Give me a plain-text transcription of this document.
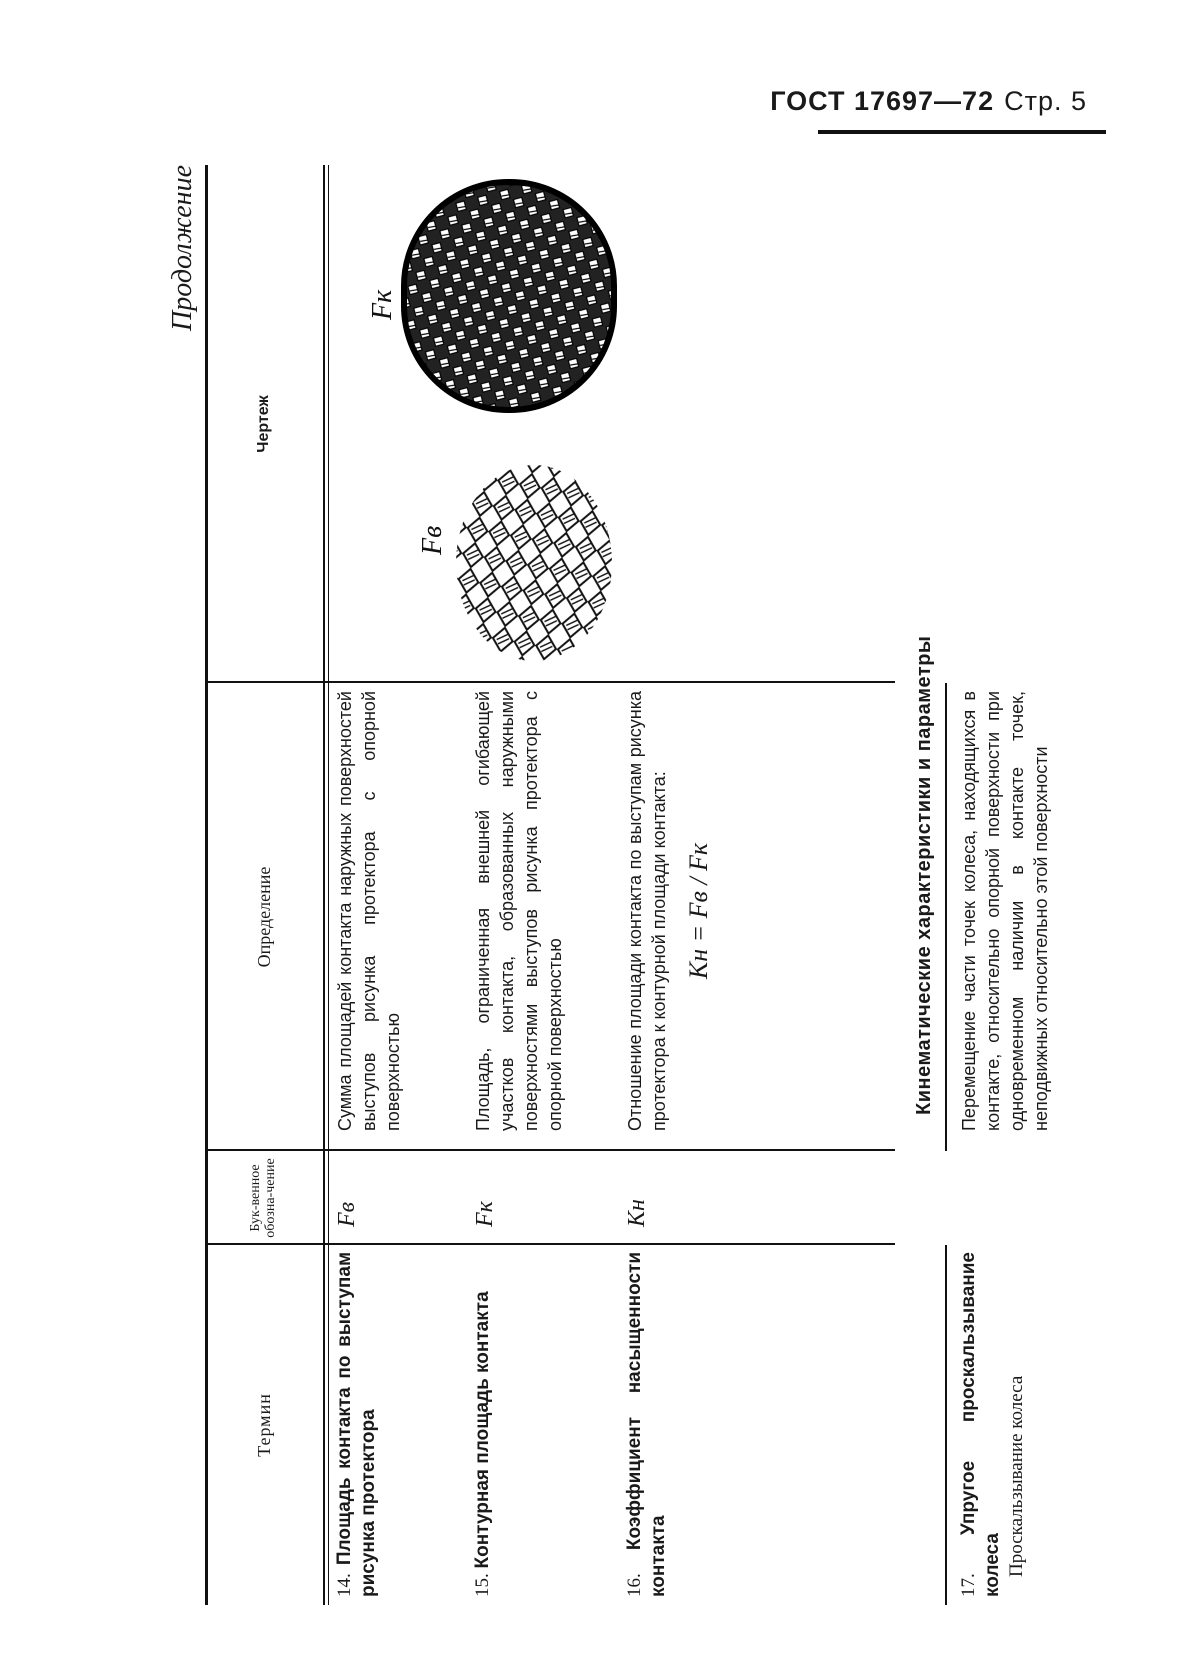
ГОСТ 17697—72 Стр. 5
Продолжение
Термин
Бук-венное обозна-чение
Определение
Чертеж
14. Площадь контакта по выступам рисунка протектора
Fв
Сумма площадей контакта наружных поверхностей выступов рисунка протектора с опорной поверхностью
15. Контурная площадь контакта
Fк
Площадь, ограниченная внешней огибающей участков контакта, образованных наружными поверхностями выступов рисунка протектора с опорной поверхностью
16. Коэффициент насыщенности контакта
Kн
Отношение площади контакта по выступам рисунка протектора к контурной площади контакта: Kн = Fв / Fк
Fв
Fк
Кинематические характеристики и параметры
17. Упругое проскальзывание колеса Проскальзывание колеса
Перемещение части точек колеса, находящихся в контакте, относительно опорной поверхности при одновременном наличии в контакте точек, неподвижных относительно этой поверхности
